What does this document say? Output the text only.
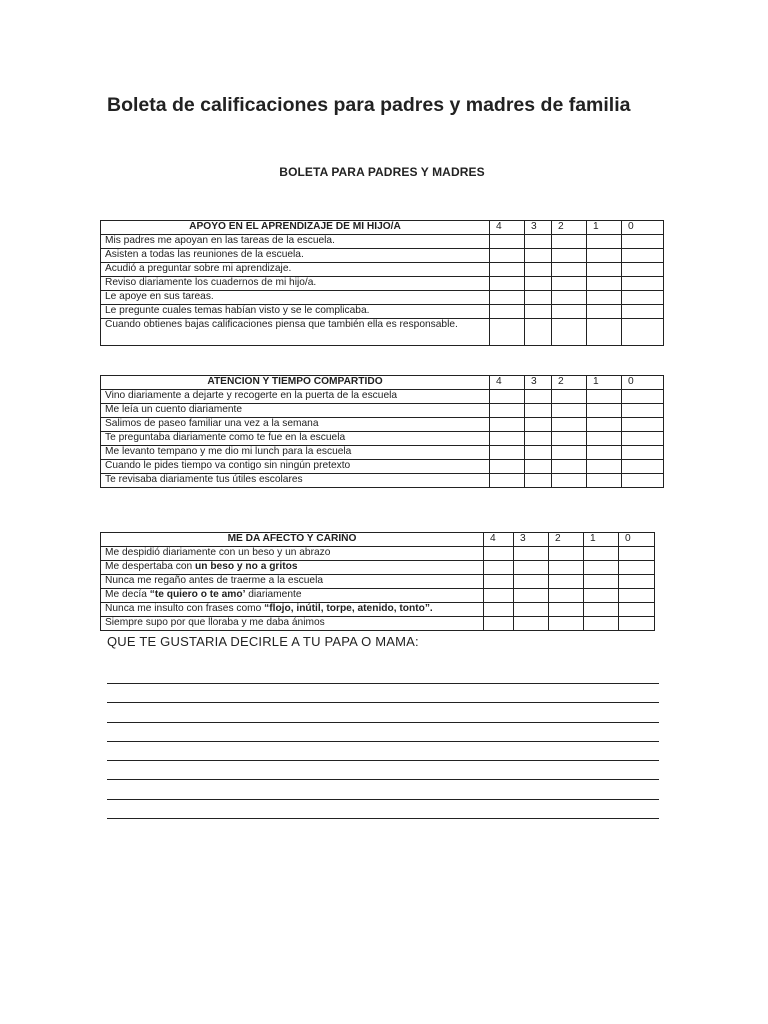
Boleta de calificaciones para padres y madres de familia
BOLETA PARA PADRES Y MADRES
APOYO EN EL APRENDIZAJE DE MI HIJO/A	4	3	2	1	0
Mis padres me apoyan en las tareas de la escuela.					
Asisten a todas las reuniones de la escuela.					
Acudió a preguntar sobre mi aprendizaje.					
Reviso diariamente los cuadernos de mi hijo/a.					
Le apoye en sus tareas.					
Le pregunte cuales temas habían visto y se le complicaba.					
Cuando obtienes bajas calificaciones piensa que también ella es responsable.					
ATENCION Y TIEMPO COMPARTIDO	4	3	2	1	0
Vino diariamente a dejarte y recogerte en la puerta de la escuela					
Me leía un cuento diariamente					
Salimos de paseo familiar una vez a la semana					
Te preguntaba diariamente como te fue en la escuela					
Me levanto tempano y me dio mi lunch para la escuela					
Cuando le pides tiempo va contigo sin ningún pretexto					
Te revisaba diariamente tus útiles escolares					
ME DA AFECTO Y CARIÑO	4	3	2	1	0
Me despidió diariamente con un beso y un abrazo					
Me despertaba con un beso y no a gritos					
Nunca me regaño antes de traerme a la escuela					
Me decía “te quiero o te amo’ diariamente					
Nunca me insulto con frases como “flojo, inútil, torpe, atenido, tonto”.					
Siempre supo por que lloraba y me daba ánimos					
QUE TE GUSTARIA DECIRLE A TU PAPA O MAMA:
